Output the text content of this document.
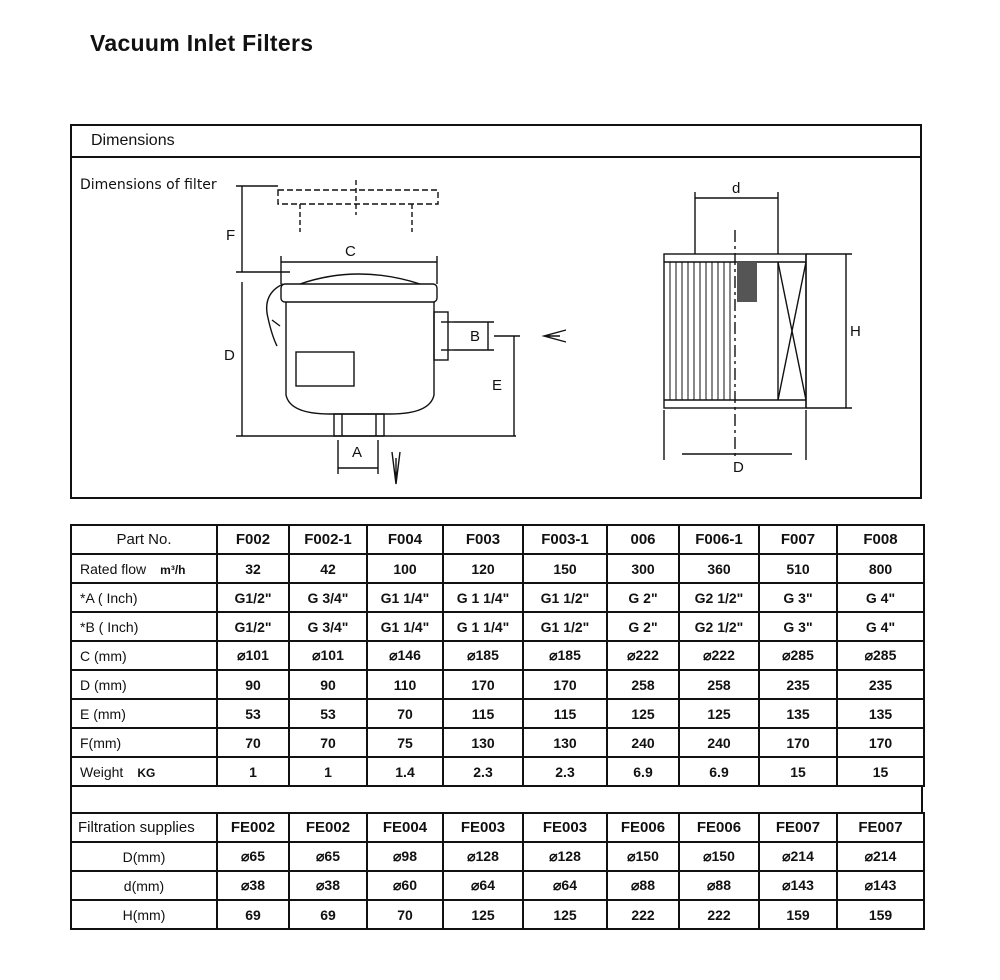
Vacuum Inlet Filters
Dimensions
Dimensions of filter
C
F
D
B
E
A
d
D
H
Part No.	F002	F002-1	F004	F003	F003-1	006	F006-1	F007	F008
Rated flow m³/h	32	42	100	120	150	300	360	510	800
*A ( Inch)	G1/2"	G 3/4"	G1 1/4"	G 1 1/4"	G1 1/2"	G 2"	G2 1/2"	G 3"	G 4"
*B ( Inch)	G1/2"	G 3/4"	G1 1/4"	G 1 1/4"	G1 1/2"	G 2"	G2 1/2"	G 3"	G 4"
C (mm)	⌀101	⌀101	⌀146	⌀185	⌀185	⌀222	⌀222	⌀285	⌀285
D (mm)	90	90	110	170	170	258	258	235	235
E (mm)	53	53	70	115	115	125	125	135	135
F(mm)	70	70	75	130	130	240	240	170	170
Weight KG	1	1	1.4	2.3	2.3	6.9	6.9	15	15
Filtration supplies	FE002	FE002	FE004	FE003	FE003	FE006	FE006	FE007	FE007
D(mm)	⌀65	⌀65	⌀98	⌀128	⌀128	⌀150	⌀150	⌀214	⌀214
d(mm)	⌀38	⌀38	⌀60	⌀64	⌀64	⌀88	⌀88	⌀143	⌀143
H(mm)	69	69	70	125	125	222	222	159	159
